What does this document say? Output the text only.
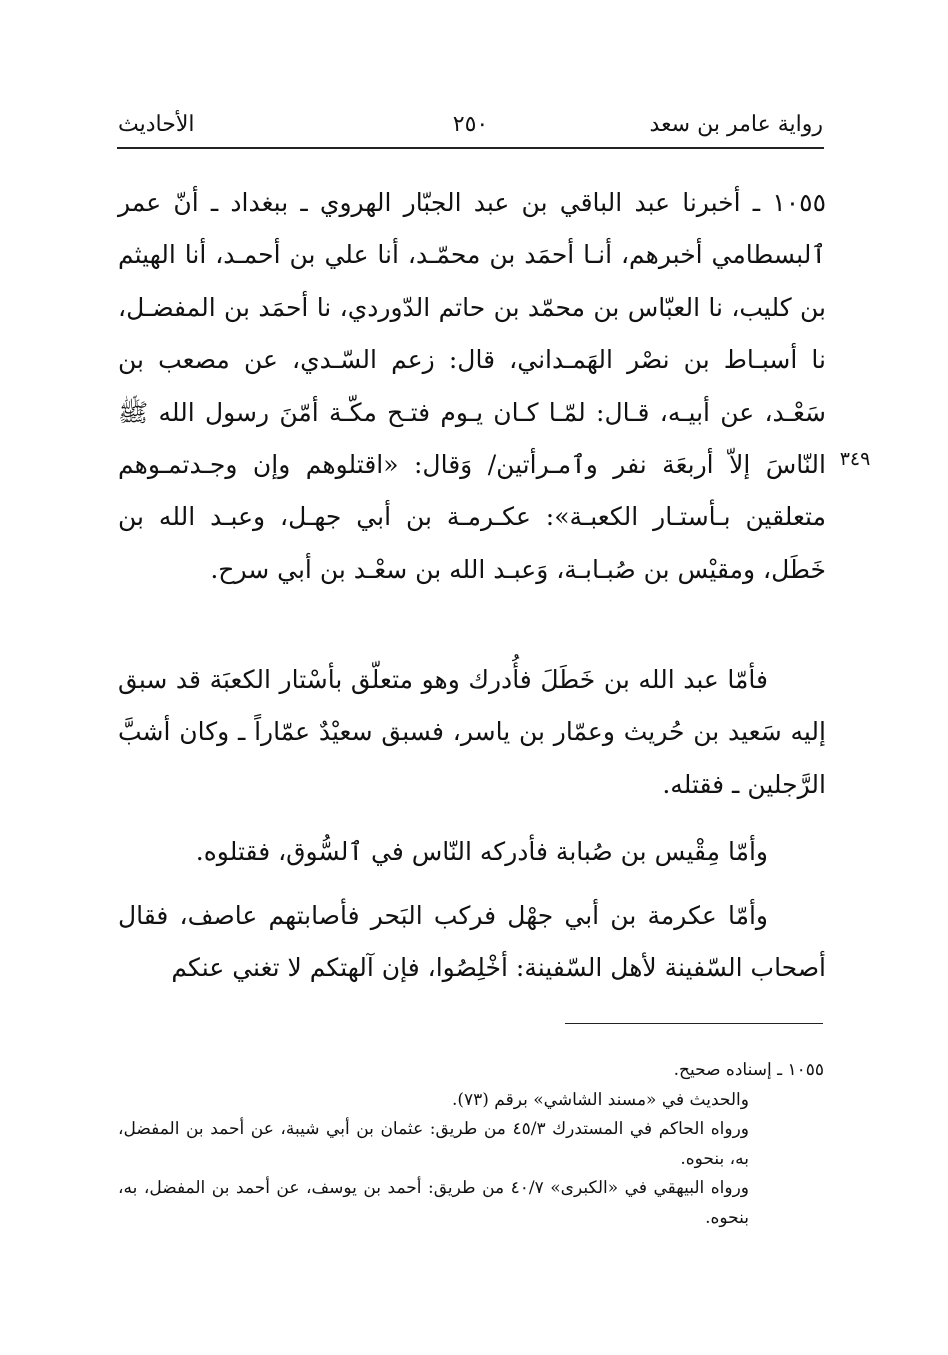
رواية عامر بن سعد
٢٥٠
الأحاديث
٣٤٩

١٠٥٥ ـ أخبرنا عبد الباقي بن عبد الجبّار الهروي ـ ببغداد ـ أنّ عمر ٱلبسطامي أخبرهم، أنـا أحمَد بن محمّـد، أنا علي بن أحمـد، أنا الهيثم بن كليب، نا العبّاس بن محمّد بن حاتم الدّوردي، نا أحمَد بن المفضـل، نا أسبـاط بن نصْر الهَمـداني، قال: زعم السّـدي، عن مصعب بن سَعْـد، عن أبيـه، قـال: لمّـا كـان يـوم فتـح مكّـة أمّنَ رسول الله ﷺ النّاسَ إلاّ أربعَة نفر وٱمـرأتين/ وَقال: «اقتلوهم وإن وجـدتمـوهم متعلقين بـأستـار الكعبـة»: عكـرمـة بن أبي جهـل، وعبـد الله بن خَطَل، ومقيْس بن صُبـابـة، وَعبـد الله بن سعْـد بن أبي سرح.

فأمّا عبد الله بن خَطَلَ فأُدرك وهو متعلّق بأسْتار الكعبَة قد سبق إليه سَعيد بن حُريث وعمّار بن ياسر، فسبق سعيْدٌ عمّاراً ـ وكان أشبَّ الرَّجلين ـ فقتله.

وأمّا مِقْيس بن صُبابة فأدركه النّاس في ٱلسُّوق، فقتلوه.

وأمّا عكرمة بن أبي جهْل فركب البَحر فأصابتهم عاصف، فقال أصحاب السّفينة لأهل السّفينة: أخْلِصُوا، فإن آلهتكم لا تغني عنكم

١٠٥٥ ـ إسناده صحيح.

والحديث في «مسند الشاشي» برقم (٧٣).

ورواه الحاكم في المستدرك ٤٥/٣ من طريق: عثمان بن أبي شيبة، عن أحمد بن المفضل، به، بنحوه.

ورواه البيهقي في «الكبرى» ٤٠/٧ من طريق: أحمد بن يوسف، عن أحمد بن المفضل، به، بنحوه.
